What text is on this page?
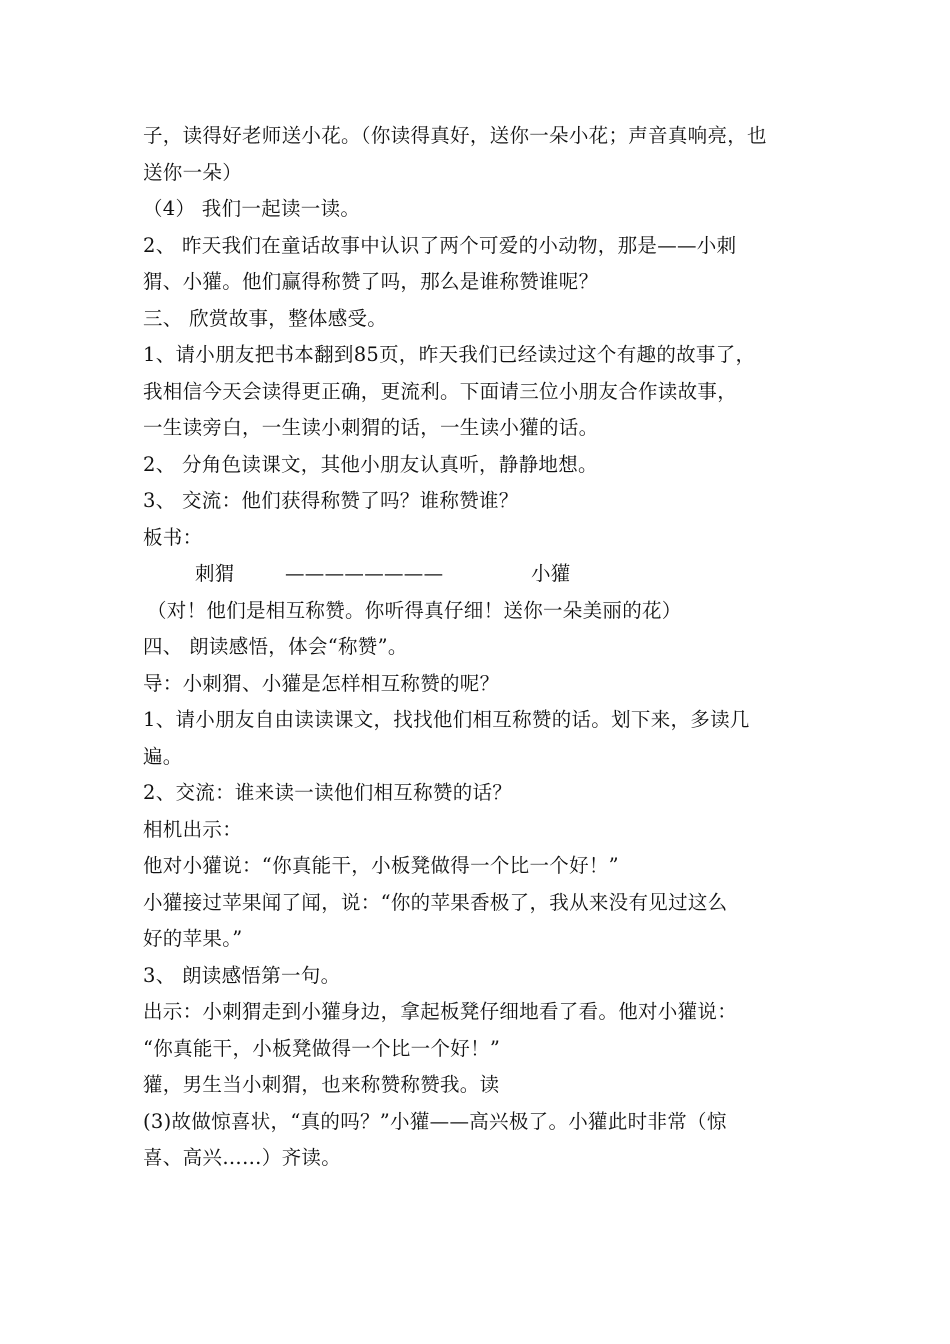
子，读得好老师送小花。（你读得真好，送你一朵小花；声音真响亮，也
送你一朵）
（4） 我们一起读一读。
2、 昨天我们在童话故事中认识了两个可爱的小动物，那是——小刺
猬、小獾。他们赢得称赞了吗，那么是谁称赞谁呢？
三、 欣赏故事，整体感受。
1、请小朋友把书本翻到85页，昨天我们已经读过这个有趣的故事了，
我相信今天会读得更正确，更流利。下面请三位小朋友合作读故事，
一生读旁白，一生读小刺猬的话，一生读小獾的话。
2、 分角色读课文，其他小朋友认真听，静静地想。
3、 交流：他们获得称赞了吗？谁称赞谁？
板书：
刺猬	————————	小獾
（对！他们是相互称赞。你听得真仔细！送你一朵美丽的花）
四、 朗读感悟，体会“称赞”。
导：小刺猬、小獾是怎样相互称赞的呢？
1、请小朋友自由读读课文，找找他们相互称赞的话。划下来，多读几
遍。
2、交流：谁来读一读他们相互称赞的话？
相机出示：
他对小獾说：“你真能干，小板凳做得一个比一个好！”
小獾接过苹果闻了闻，说：“你的苹果香极了，我从来没有见过这么
好的苹果。”
3、 朗读感悟第一句。
出示：小刺猬走到小獾身边，拿起板凳仔细地看了看。他对小獾说：
“你真能干，小板凳做得一个比一个好！”
獾，男生当小刺猬，也来称赞称赞我。读
(3)故做惊喜状，“真的吗？”小獾——高兴极了。小獾此时非常（惊
喜、高兴……）齐读。
